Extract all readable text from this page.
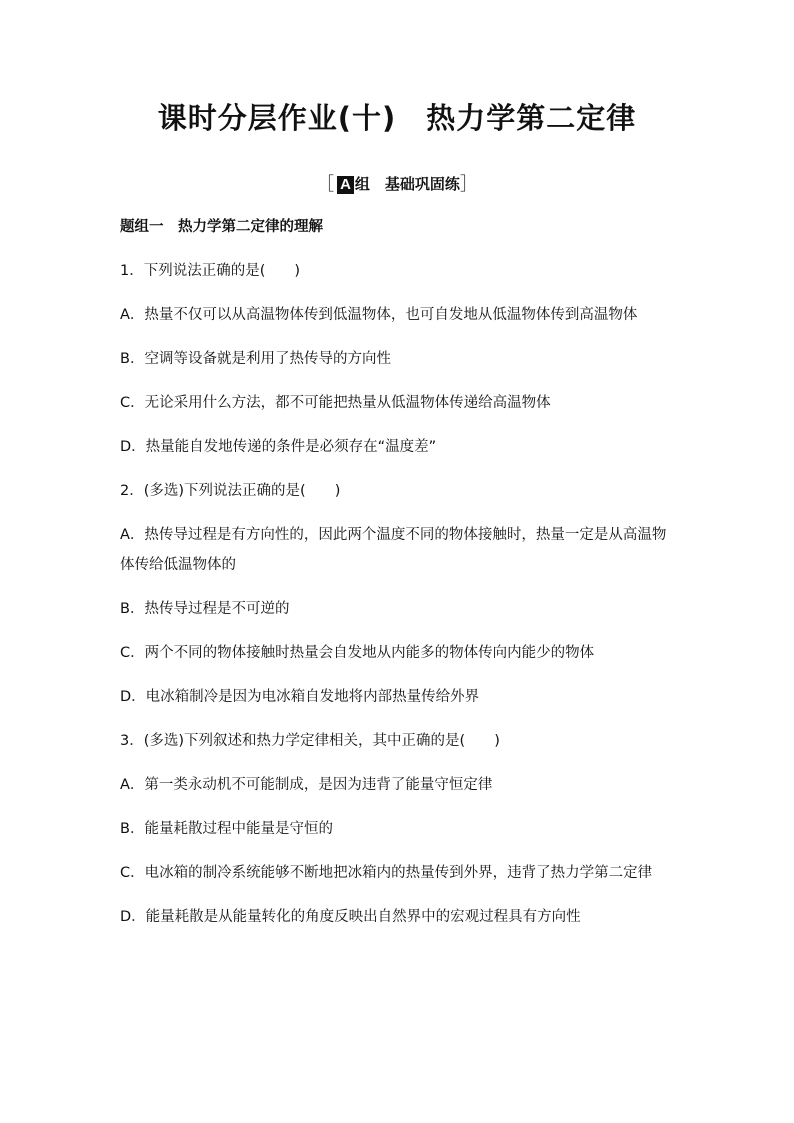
课时分层作业(十)　热力学第二定律
［ A 组　基础巩固练］
题组一　热力学第二定律的理解
1．下列说法正确的是(　　)
A．热量不仅可以从高温物体传到低温物体，也可自发地从低温物体传到高温物体
B．空调等设备就是利用了热传导的方向性
C．无论采用什么方法，都不可能把热量从低温物体传递给高温物体
D．热量能自发地传递的条件是必须存在“温度差”
2．(多选)下列说法正确的是(　　)
A．热传导过程是有方向性的，因此两个温度不同的物体接触时，热量一定是从高温物体传给低温物体的
B．热传导过程是不可逆的
C．两个不同的物体接触时热量会自发地从内能多的物体传向内能少的物体
D．电冰箱制冷是因为电冰箱自发地将内部热量传给外界
3．(多选)下列叙述和热力学定律相关，其中正确的是(　　)
A．第一类永动机不可能制成，是因为违背了能量守恒定律
B．能量耗散过程中能量是守恒的
C．电冰箱的制冷系统能够不断地把冰箱内的热量传到外界，违背了热力学第二定律
D．能量耗散是从能量转化的角度反映出自然界中的宏观过程具有方向性
